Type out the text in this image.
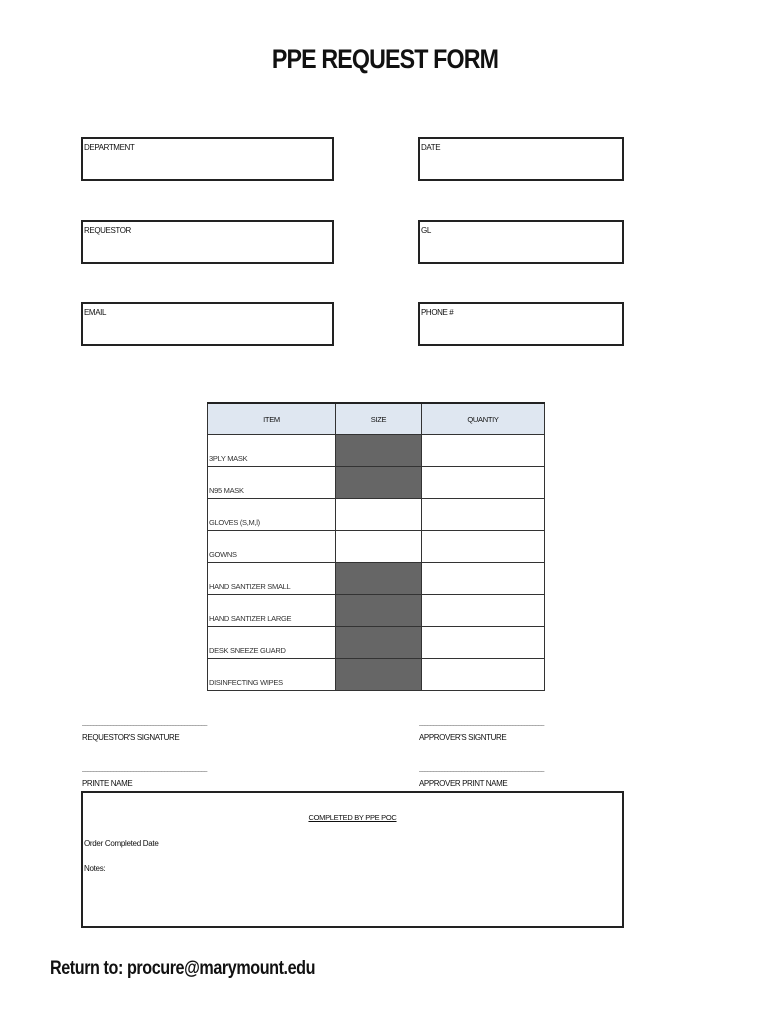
PPE REQUEST FORM
DEPARTMENT	DATE
REQUESTOR	GL
EMAIL	PHONE #
ITEM	SIZE	QUANTIY
3PLY MASK		
N95 MASK		
GLOVES (S,M,l)		
GOWNS		
HAND SANTIZER SMALL		
HAND SANTIZER LARGE		
DESK SNEEZE GUARD		
DISINFECTING WIPES		
____________________________________________
REQUESTOR'S SIGNATURE
____________________________________________
APPROVER'S SIGNTURE
____________________________________________
PRINTE NAME
____________________________________________
APPROVER PRINT NAME
COMPLETED BY PPE POC
Order Completed Date
Notes:
Return to: procure@marymount.edu
